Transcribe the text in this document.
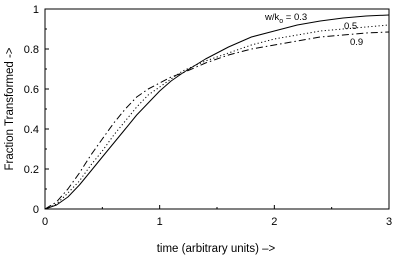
0	1	2	3
0
0.2
0.4
0.6
0.8
1
$w/k_o = 0.3$
0.5
0.9
time (arbitrary units) –>
Fraction Transformed ->
